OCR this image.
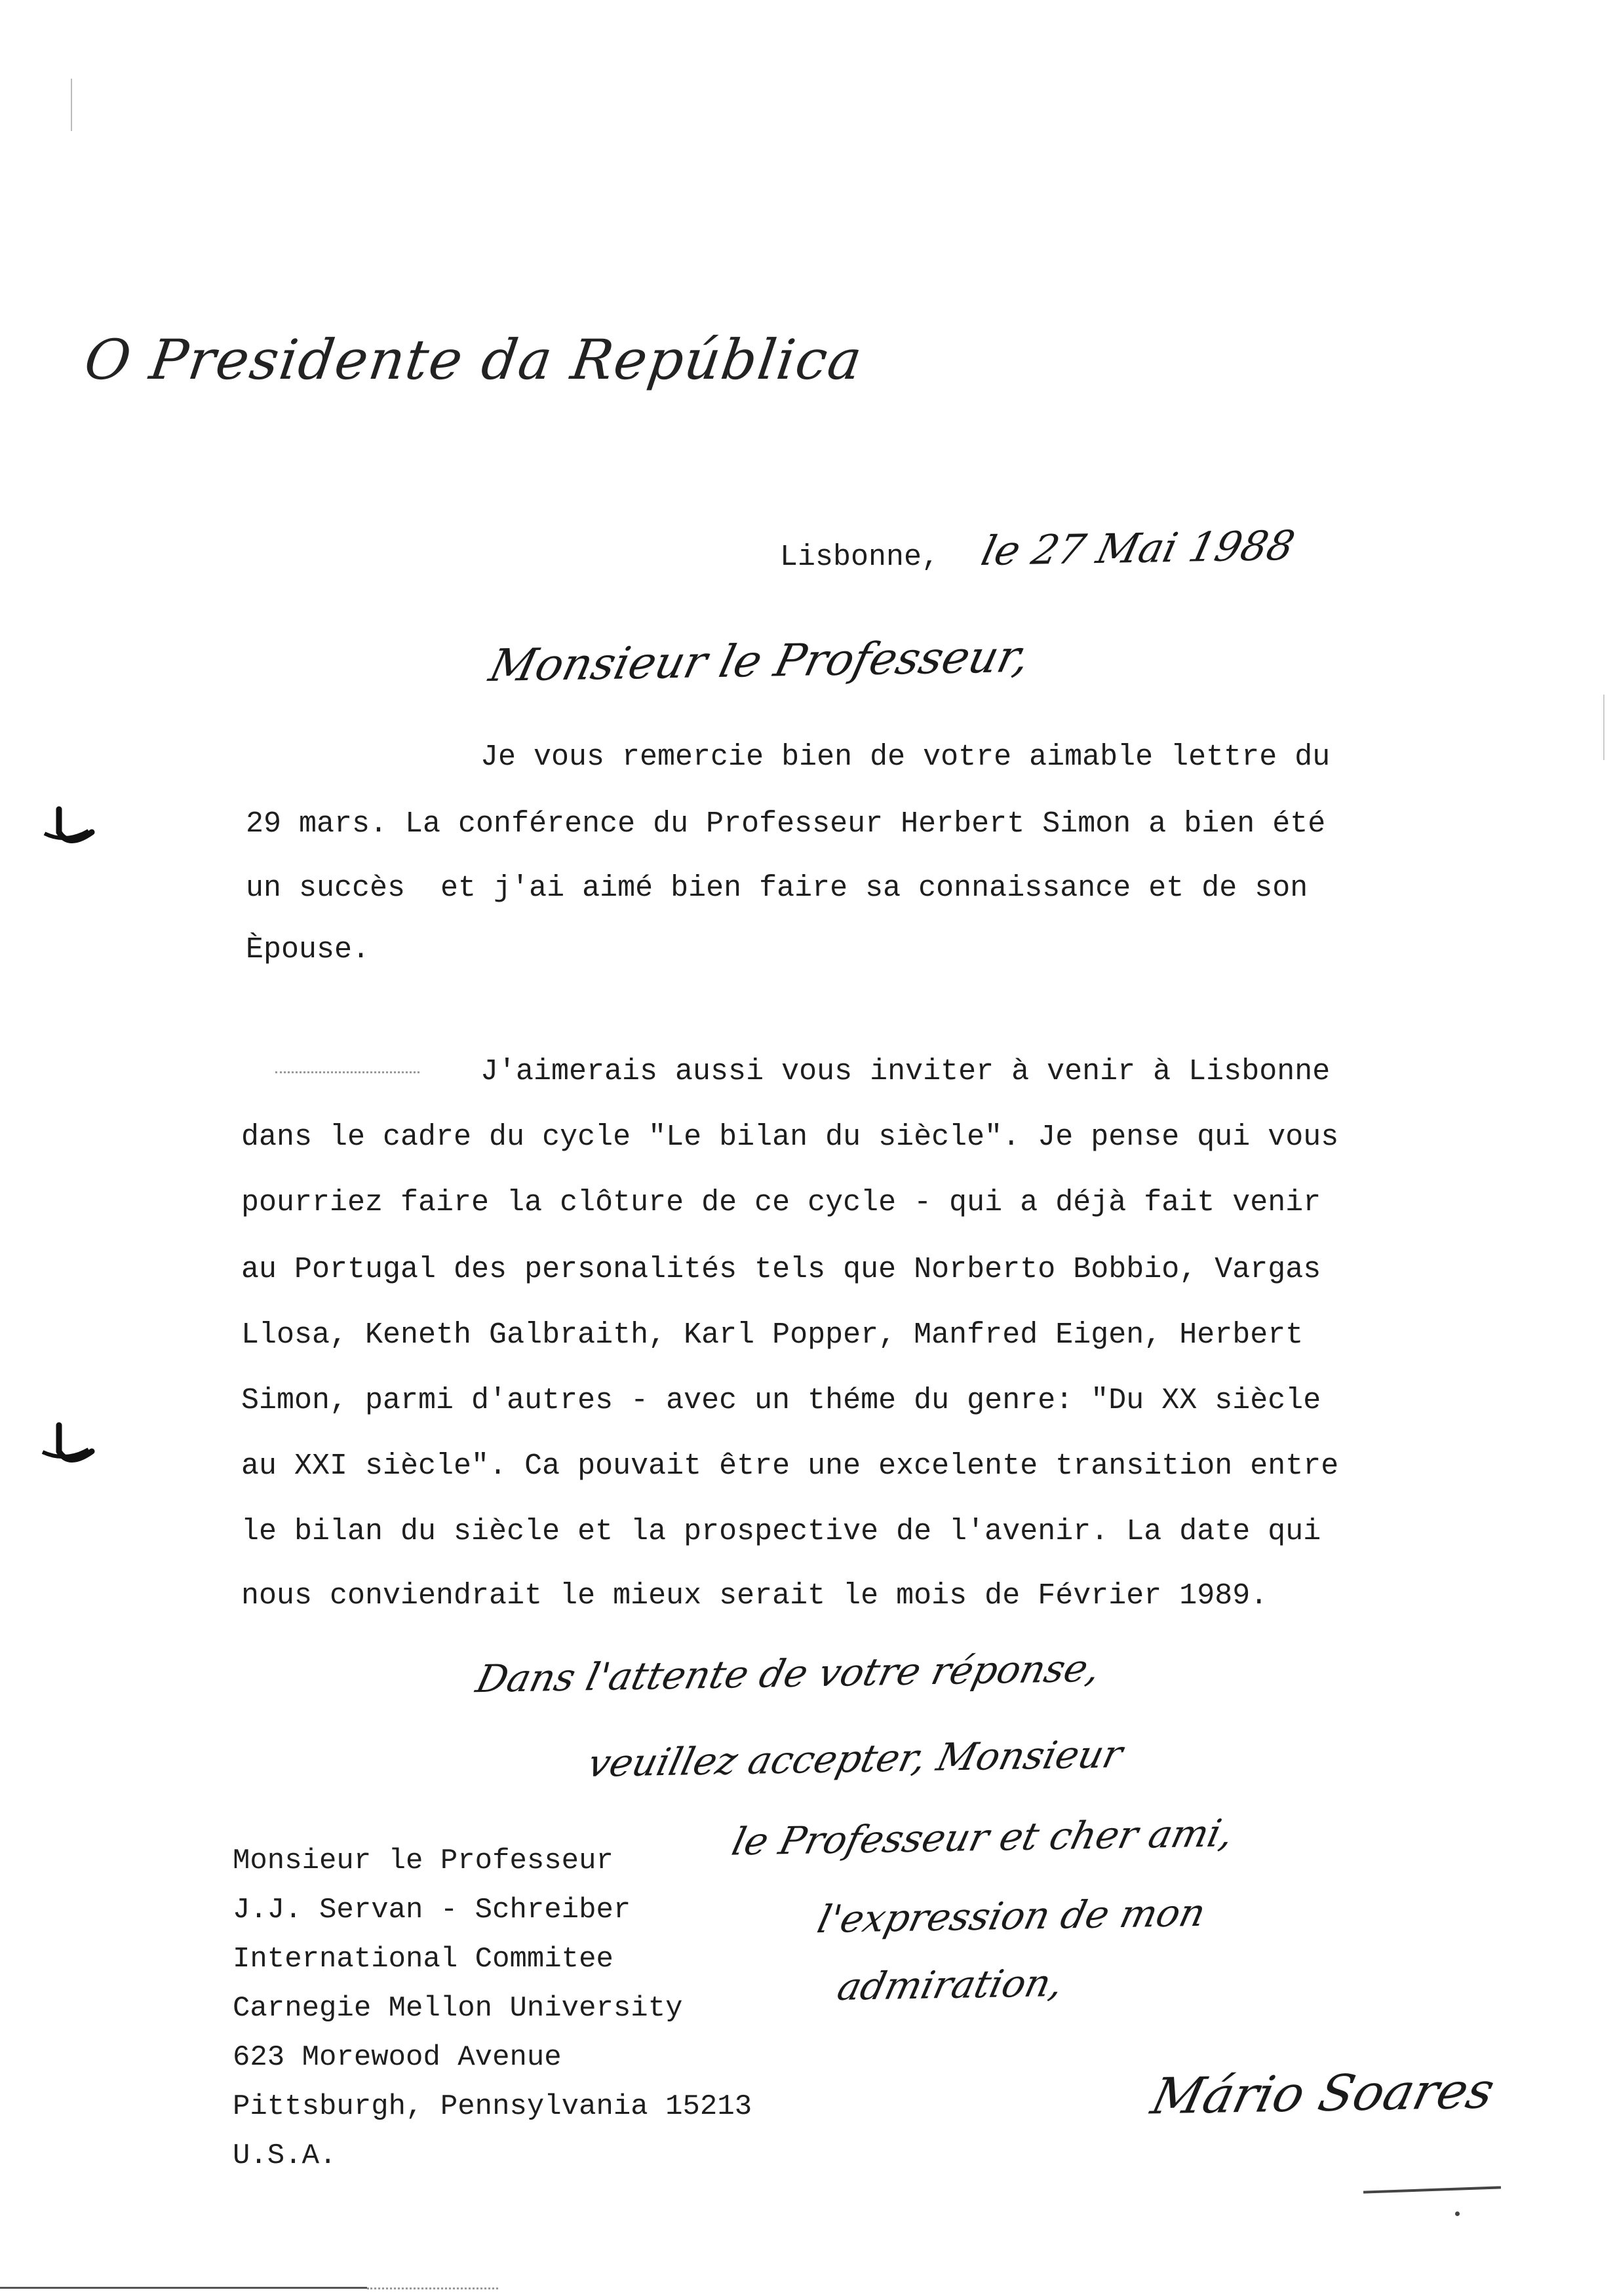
O Presidente da República
Lisbonne, le 27 Mai 1988
Monsieur le Professeur,
Je vous remercie bien de votre aimable lettre du
29 mars. La conférence du Professeur Herbert Simon a bien été
un succès  et j'ai aimé bien faire sa connaissance et de son
Èpouse.
J'aimerais aussi vous inviter à venir à Lisbonne
dans le cadre du cycle "Le bilan du siècle". Je pense qui vous
pourriez faire la clôture de ce cycle - qui a déjà fait venir
au Portugal des personalités tels que Norberto Bobbio, Vargas
Llosa, Keneth Galbraith, Karl Popper, Manfred Eigen, Herbert
Simon, parmi d'autres - avec un théme du genre: "Du XX siècle
au XXI siècle". Ca pouvait être une excelente transition entre
le bilan du siècle et la prospective de l'avenir. La date qui
nous conviendrait le mieux serait le mois de Février 1989.
Dans l'attente de votre réponse,
veuillez accepter, Monsieur
le Professeur et cher ami,
l'expression de mon
admiration,
Monsieur le Professeur
J.J. Servan - Schreiber
International Commitee
Carnegie Mellon University
623 Morewood Avenue
Pittsburgh, Pennsylvania 15213
U.S.A.
Mário Soares
